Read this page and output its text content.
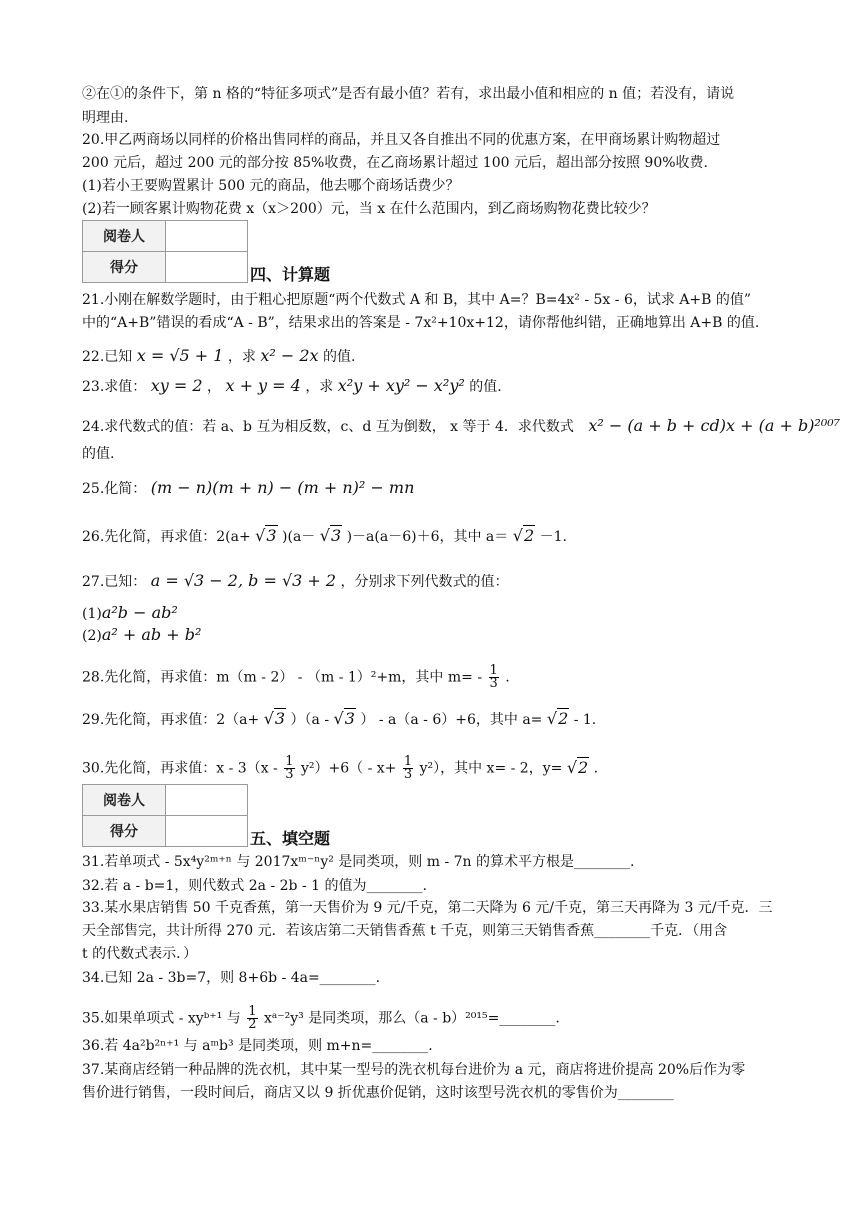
②在①的条件下，第 n 格的“特征多项式”是否有最小值？若有，求出最小值和相应的 n 值；若没有，请说
明理由.
20.甲乙两商场以同样的价格出售同样的商品，并且又各自推出不同的优惠方案，在甲商场累计购物超过
200 元后，超过 200 元的部分按 85%收费，在乙商场累计超过 100 元后，超出部分按照 90%收费.
(1)若小王要购置累计 500 元的商品，他去哪个商场话费少？
(2)若一顾客累计购物花费 x（x＞200）元，当 x 在什么范围内，到乙商场购物花费比较少？
阅卷人	
得分		四、计算题
21.小刚在解数学题时，由于粗心把原题“两个代数式 A 和 B，其中 A=？B=4x² - 5x - 6，试求 A+B 的值”
中的“A+B”错误的看成“A - B”，结果求出的答案是 - 7x²+10x+12，请你帮他纠错，正确地算出 A+B 的值.
22.已知 x = √5 + 1 ，求 x² − 2x 的值.
23.求值： xy = 2 ， x + y = 4 ，求 x²y + xy² − x²y² 的值.
24.求代数式的值：若 a、b 互为相反数，c、d 互为倒数， x 等于 4．求代数式 x² − (a + b + cd)x + (a + b)²⁰⁰⁷
的值.
25.化简： (m − n)(m + n) − (m + n)² − mn
26.先化简，再求值：2(a+ √3 )(a－ √3 )－a(a－6)＋6，其中 a＝ √2 －1.
27.已知： a = √3 − 2, b = √3 + 2 ，分别求下列代数式的值：
(1)a²b − ab²
(2)a² + ab + b²
28.先化简，再求值：m（m - 2） - （m - 1）²+m，其中 $m= - \frac{1}{3}$ .
29.先化简，再求值：2（a+ √3 ）（a - √3 ） - a（a - 6）+6，其中 a= √2 - 1.
30.先化简，再求值：$x - 3(x - \frac{1}{3} y^2)+6( - x+ \frac{1}{3} y^2)$，其中 x= - 2，y= √2 .
阅卷人	
得分		五、填空题
31.若单项式 - 5x⁴y²ᵐ⁺ⁿ 与 2017xᵐ⁻ⁿy² 是同类项，则 m - 7n 的算术平方根是________.
32.若 a - b=1，则代数式 2a - 2b - 1 的值为________.
33.某水果店销售 50 千克香蕉，第一天售价为 9 元/千克，第二天降为 6 元/千克，第三天再降为 3 元/千克．三
天全部售完，共计所得 270 元．若该店第二天销售香蕉 t 千克，则第三天销售香蕉________千克．（用含
t 的代数式表示．）
34.已知 2a - 3b=7，则 8+6b - 4a=________.
35.如果单项式 - xyᵇ⁺¹ 与 $\frac{1}{2}$ xᵃ⁻²y³ 是同类项，那么（a - b）²⁰¹⁵=________.
36.若 4a²b²ⁿ⁺¹ 与 aᵐb³ 是同类项，则 m+n=________.
37.某商店经销一种品牌的洗衣机，其中某一型号的洗衣机每台进价为 a 元，商店将进价提高 20%后作为零
售价进行销售，一段时间后，商店又以 9 折优惠价促销，这时该型号洗衣机的零售价为________
